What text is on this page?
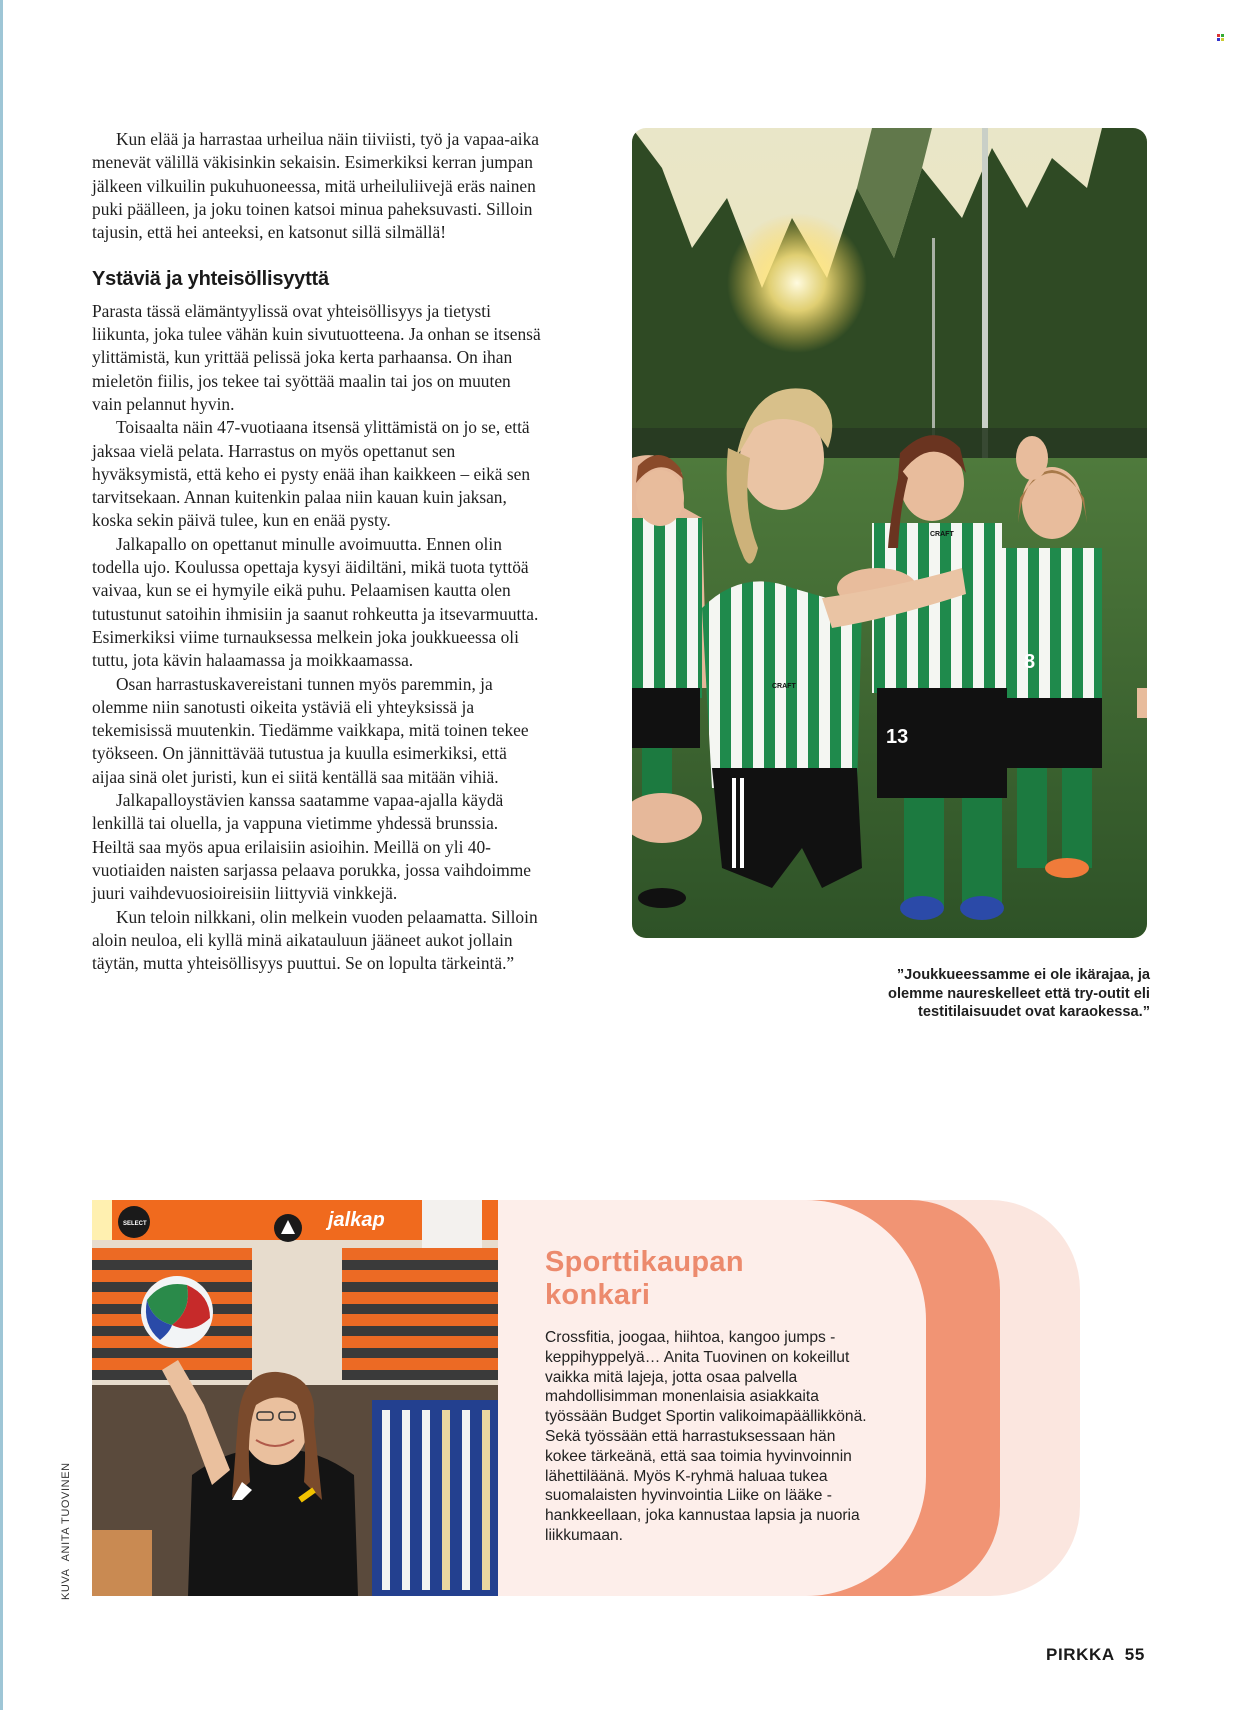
Kun elää ja harrastaa urheilua näin tiiviisti, työ ja vapaa-aika menevät välillä väkisinkin sekaisin. Esimerkiksi kerran jumpan jälkeen vilkuilin pukuhuoneessa, mitä urheiluliivejä eräs nainen puki päälleen, ja joku toinen katsoi minua paheksuvasti. Silloin tajusin, että hei anteeksi, en katsonut sillä silmällä!

Ystäviä ja yhteisöllisyyttä

Parasta tässä elämäntyylissä ovat yhteisöllisyys ja tietysti liikunta, joka tulee vähän kuin sivutuotteena. Ja onhan se itsensä ylittämistä, kun yrittää pelissä joka kerta parhaansa. On ihan mieletön fiilis, jos tekee tai syöttää maalin tai jos on muuten vain pelannut hyvin.

Toisaalta näin 47-vuotiaana itsensä ylittämistä on jo se, että jaksaa vielä pelata. Harrastus on myös opettanut sen hyväksymistä, että keho ei pysty enää ihan kaikkeen – eikä sen tarvitsekaan. Annan kuitenkin palaa niin kauan kuin jaksan, koska sekin päivä tulee, kun en enää pysty.

Jalkapallo on opettanut minulle avoimuutta. Ennen olin todella ujo. Koulussa opettaja kysyi äidiltäni, mikä tuota tyttöä vaivaa, kun se ei hymyile eikä puhu. Pelaamisen kautta olen tutustunut satoihin ihmisiin ja saanut rohkeutta ja itsevarmuutta. Esimerkiksi viime turnauksessa melkein joka joukkueessa oli tuttu, jota kävin halaamassa ja moikkaamassa.

Osan harrastuskavereistani tunnen myös paremmin, ja olemme niin sanotusti oikeita ystäviä eli yhteyksissä ja tekemisissä muutenkin. Tiedämme vaikkapa, mitä toinen tekee työkseen. On jännittävää tutustua ja kuulla esimerkiksi, että aijaa sinä olet juristi, kun ei siitä kentällä saa mitään vihiä.

Jalkapalloystävien kanssa saatamme vapaa-ajalla käydä lenkillä tai oluella, ja vappuna vietimme yhdessä brunssia. Heiltä saa myös apua erilaisiin asioihin. Meillä on yli 40-vuotiaiden naisten sarjassa pelaava porukka, jossa vaihdoimme juuri vaihdevuosioireisiin liittyviä vinkkejä.

Kun teloin nilkkani, olin melkein vuoden pelaamatta. Silloin aloin neuloa, eli kyllä minä aikatauluun jääneet aukot jollain täytän, mutta yhteisöllisyys puuttui. Se on lopulta tärkeintä.”

8
13
CRAFT
CRAFT
”Joukkueessamme ei ole ikärajaa, ja olemme naureskelleet että try-outit eli testitilaisuudet ovat karaokessa.”
SELECT	jalkap
Sporttikaupan konkari
Crossfitia, joogaa, hiihtoa, kangoo jumps -keppihyppelyä… Anita Tuovinen on kokeillut vaikka mitä lajeja, jotta osaa palvella mahdollisimman monenlaisia asiakkaita työssään Budget Sportin valikoimapäällikkönä. Sekä työssään että harrastuksessaan hän kokee tärkeänä, että saa toimia hyvinvoinnin lähettiläänä. Myös K-ryhmä haluaa tukea suomalaisten hyvinvointia Liike on lääke -hankkeellaan, joka kannustaa lapsia ja nuoria liikkumaan.
KUVA ANITA TUOVINEN
PIRKKA 55
